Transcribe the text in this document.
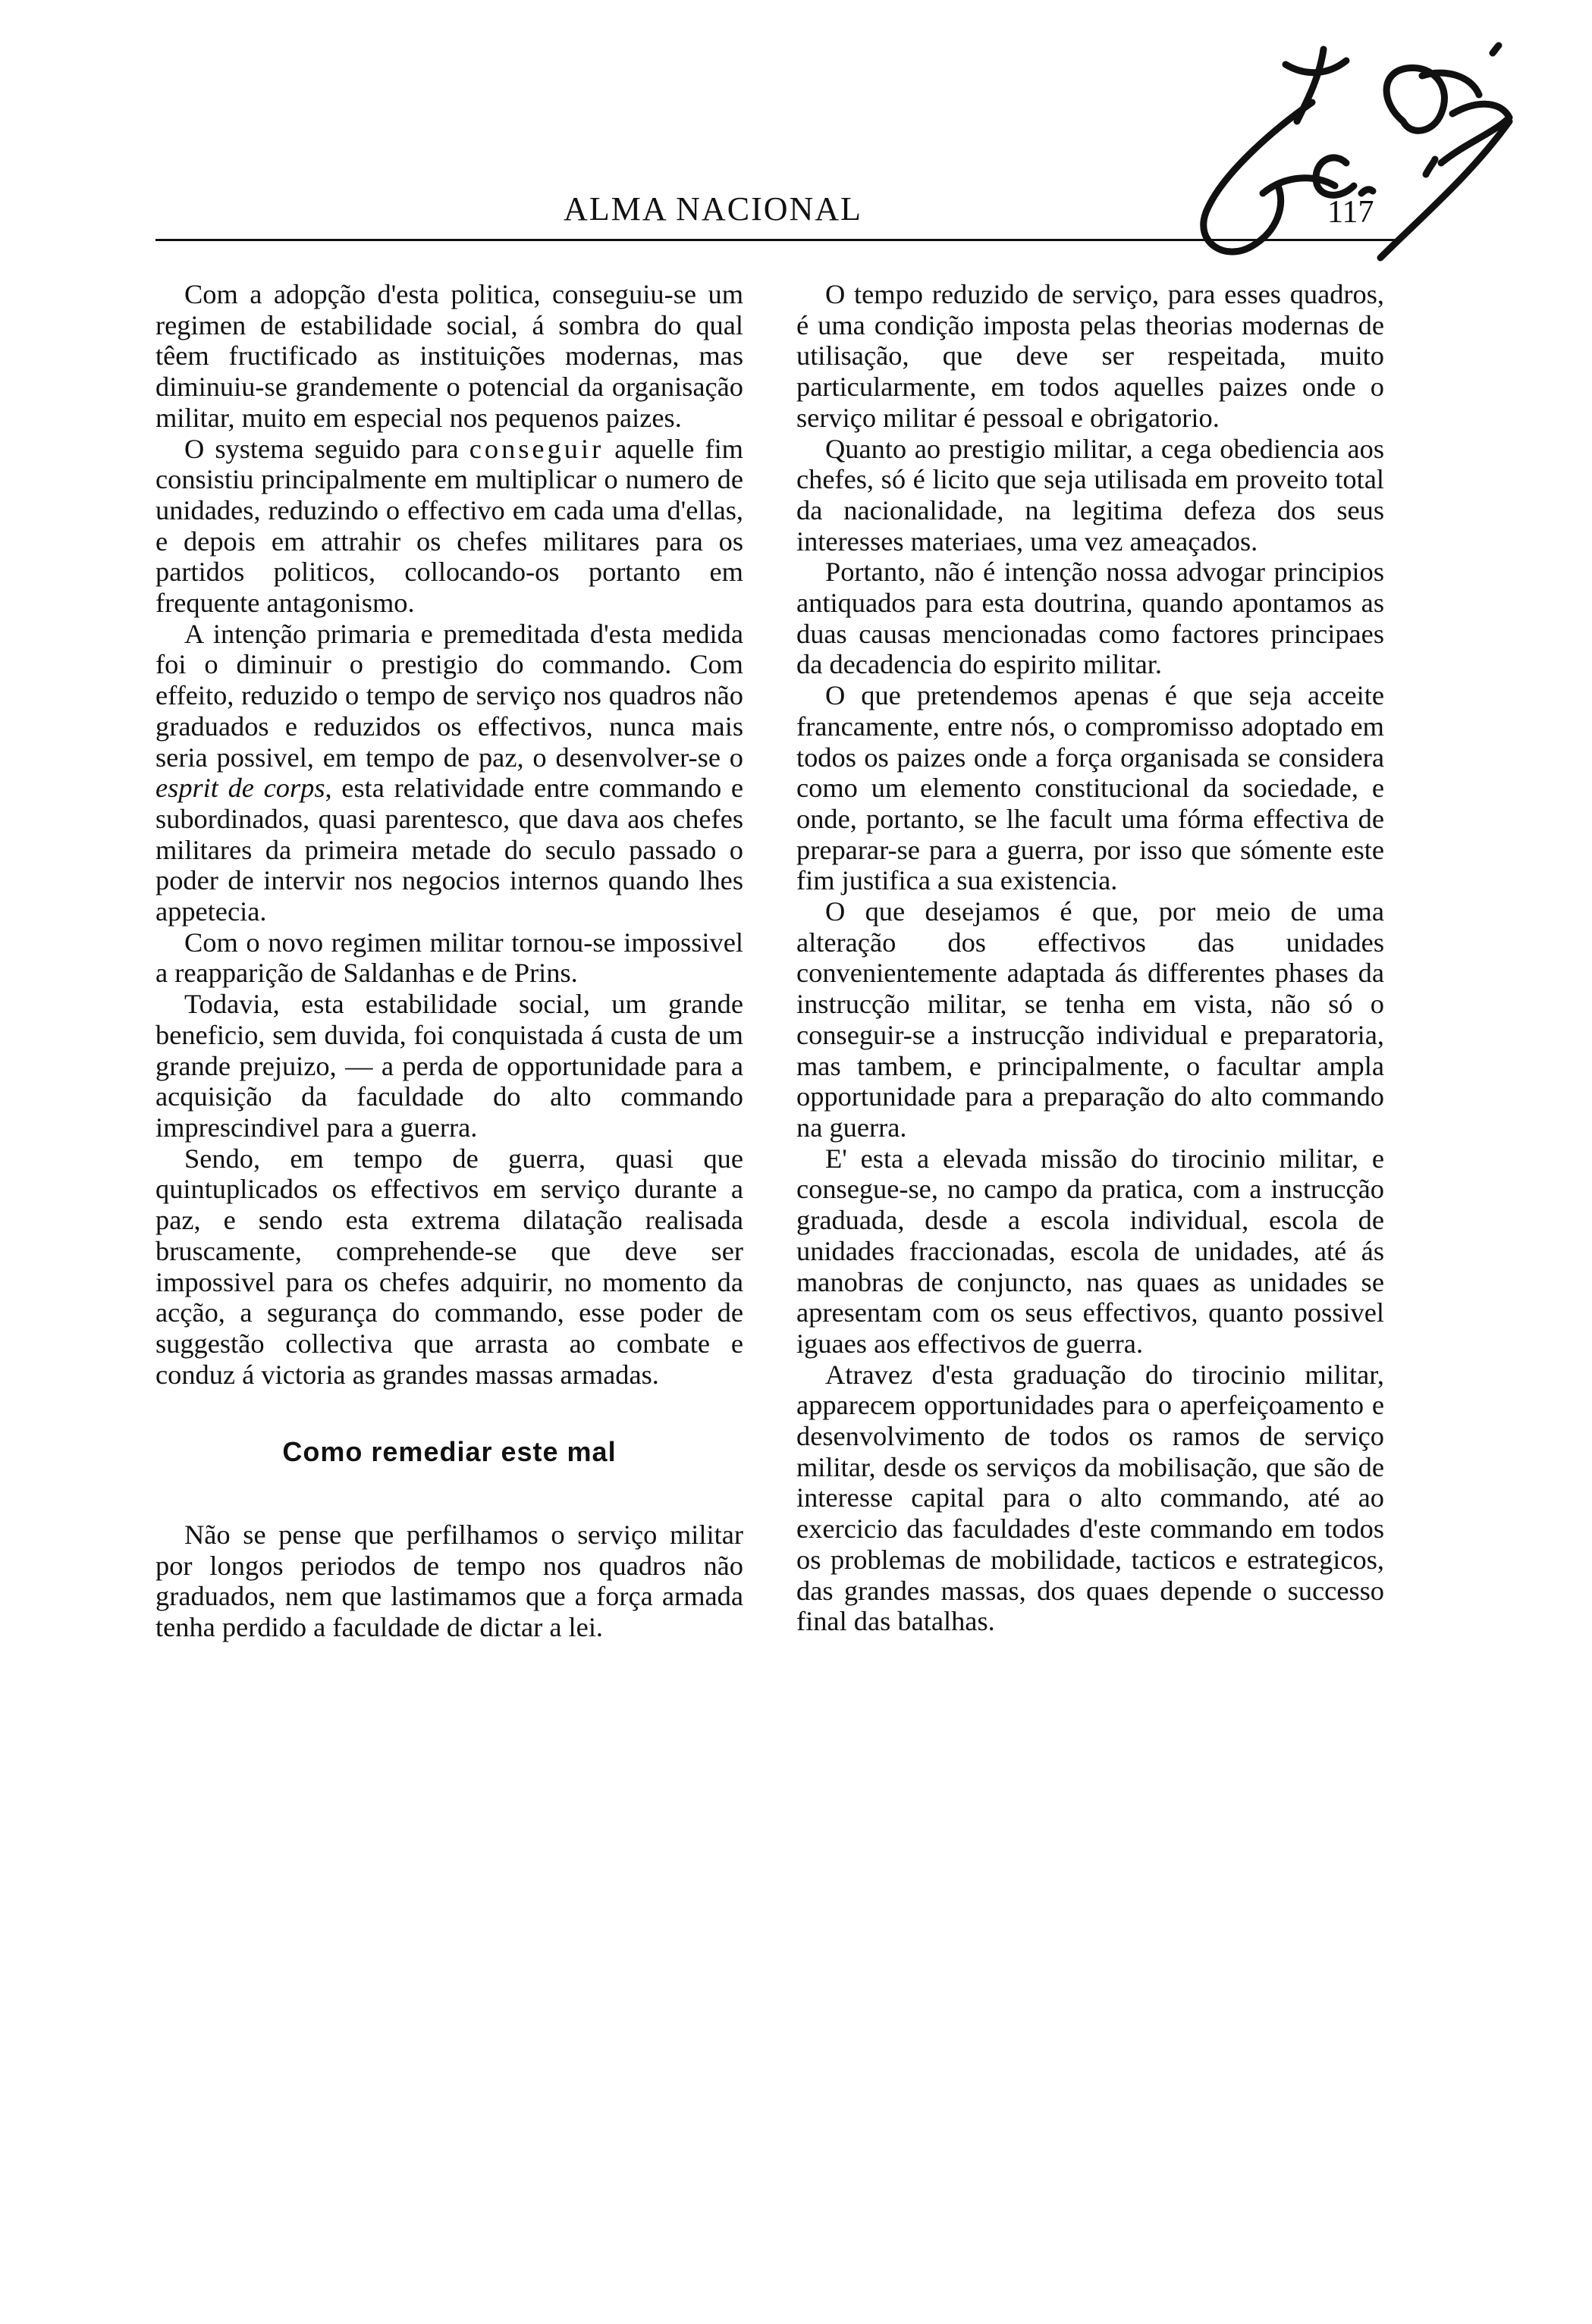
ALMA NACIONAL	117

Com a adopção d'esta politica, conseguiu-se um regimen de estabilidade social, á sombra do qual têem fructificado as instituições modernas, mas diminuiu-se grandemente o potencial da organisação militar, muito em especial nos pequenos paizes.

O systema seguido para conseguir aquelle fim consistiu principalmente em multiplicar o numero de unidades, reduzindo o effectivo em cada uma d'ellas, e depois em attrahir os chefes militares para os partidos politicos, collocando-os portanto em frequente antagonismo.

A intenção primaria e premeditada d'esta medida foi o diminuir o prestigio do commando. Com effeito, reduzido o tempo de serviço nos quadros não graduados e reduzidos os effectivos, nunca mais seria possivel, em tempo de paz, o desenvolver-se o esprit de corps, esta relatividade entre commando e subordinados, quasi parentesco, que dava aos chefes militares da primeira metade do seculo passado o poder de intervir nos negocios internos quando lhes appetecia.

Com o novo regimen militar tornou-se impossivel a reapparição de Saldanhas e de Prins.

Todavia, esta estabilidade social, um grande beneficio, sem duvida, foi conquistada á custa de um grande prejuizo, — a perda de opportunidade para a acquisição da faculdade do alto commando imprescindivel para a guerra.

Sendo, em tempo de guerra, quasi que quintuplicados os effectivos em serviço durante a paz, e sendo esta extrema dilatação realisada bruscamente, comprehende-se que deve ser impossivel para os chefes adquirir, no momento da acção, a segurança do commando, esse poder de suggestão collectiva que arrasta ao combate e conduz á victoria as grandes massas armadas.

Como remediar este mal

Não se pense que perfilhamos o serviço militar por longos periodos de tempo nos quadros não graduados, nem que lastimamos que a força armada tenha perdido a faculdade de dictar a lei.

O tempo reduzido de serviço, para esses quadros, é uma condição imposta pelas theorias modernas de utilisação, que deve ser respeitada, muito particularmente, em todos aquelles paizes onde o serviço militar é pessoal e obrigatorio.

Quanto ao prestigio militar, a cega obediencia aos chefes, só é licito que seja utilisada em proveito total da nacionalidade, na legitima defeza dos seus interesses materiaes, uma vez ameaçados.

Portanto, não é intenção nossa advogar principios antiquados para esta doutrina, quando apontamos as duas causas mencionadas como factores principaes da decadencia do espirito militar.

O que pretendemos apenas é que seja acceite francamente, entre nós, o compromisso adoptado em todos os paizes onde a força organisada se considera como um elemento constitucional da sociedade, e onde, portanto, se lhe facult uma fórma effectiva de preparar-se para a guerra, por isso que sómente este fim justifica a sua existencia.

O que desejamos é que, por meio de uma alteração dos effectivos das unidades convenientemente adaptada ás differentes phases da instrucção militar, se tenha em vista, não só o conseguir-se a instrucção individual e preparatoria, mas tambem, e principalmente, o facultar ampla opportunidade para a preparação do alto commando na guerra.

E' esta a elevada missão do tirocinio militar, e consegue-se, no campo da pratica, com a instrucção graduada, desde a escola individual, escola de unidades fraccionadas, escola de unidades, até ás manobras de conjuncto, nas quaes as unidades se apresentam com os seus effectivos, quanto possivel iguaes aos effectivos de guerra.

Atravez d'esta graduação do tirocinio militar, apparecem opportunidades para o aperfeiçoamento e desenvolvimento de todos os ramos de serviço militar, desde os serviços da mobilisação, que são de interesse capital para o alto commando, até ao exercicio das faculdades d'este commando em todos os problemas de mobilidade, tacticos e estrategicos, das grandes massas, dos quaes depende o successo final das batalhas.
